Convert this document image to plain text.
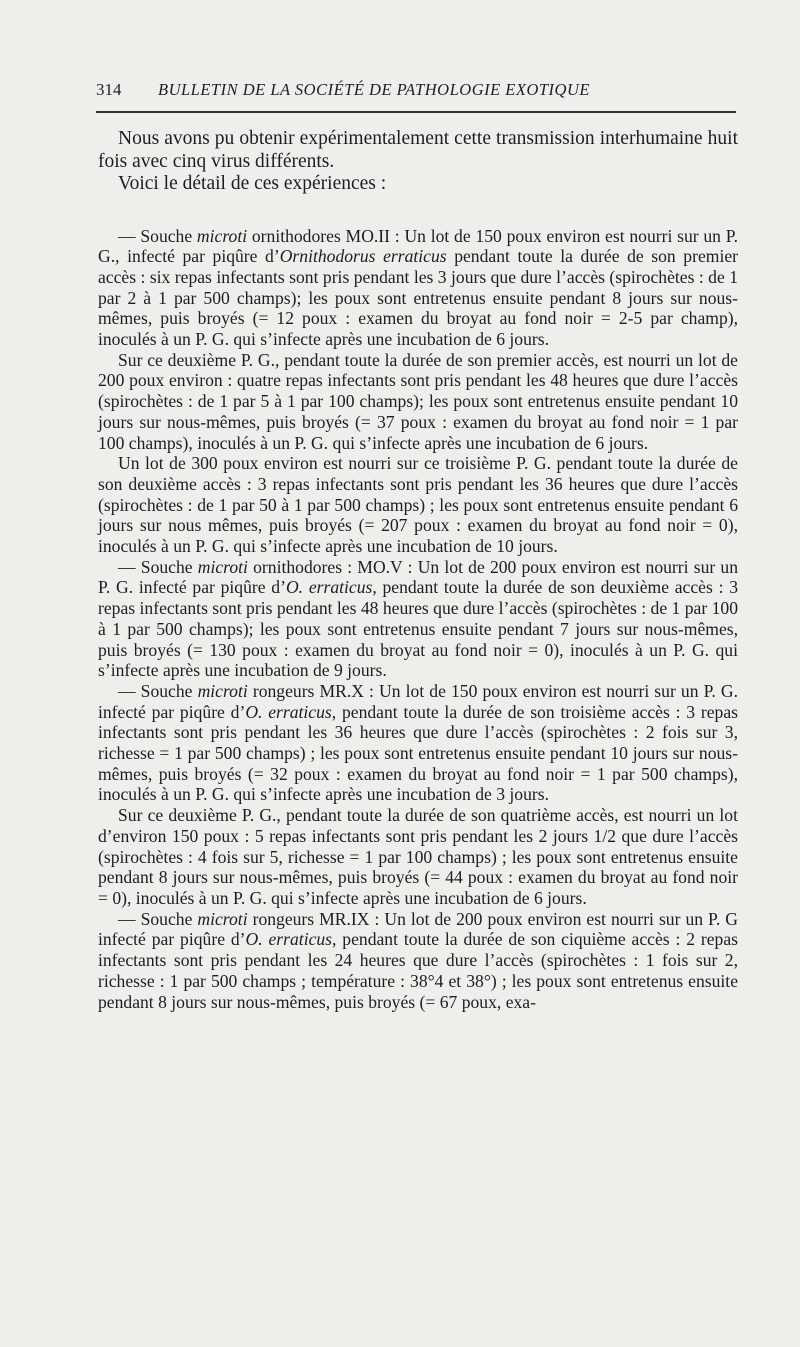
314	BULLETIN DE LA SOCIÉTÉ DE PATHOLOGIE EXOTIQUE

Nous avons pu obtenir expérimentalement cette transmission interhumaine huit fois avec cinq virus différents.

Voici le détail de ces expériences :

— Souche microti ornithodores MO.II : Un lot de 150 poux environ est nourri sur un P. G., infecté par piqûre d’Ornithodorus erraticus pendant toute la durée de son premier accès : six repas infectants sont pris pendant les 3 jours que dure l’accès (spirochètes : de 1 par 2 à 1 par 500 champs); les poux sont entretenus ensuite pendant 8 jours sur nous-mêmes, puis broyés (= 12 poux : examen du broyat au fond noir = 2-5 par champ), inoculés à un P. G. qui s’infecte après une incubation de 6 jours.

Sur ce deuxième P. G., pendant toute la durée de son premier accès, est nourri un lot de 200 poux environ : quatre repas infectants sont pris pendant les 48 heures que dure l’accès (spirochètes : de 1 par 5 à 1 par 100 champs); les poux sont entretenus ensuite pendant 10 jours sur nous-mêmes, puis broyés (= 37 poux : examen du broyat au fond noir = 1 par 100 champs), inoculés à un P. G. qui s’infecte après une incubation de 6 jours.

Un lot de 300 poux environ est nourri sur ce troisième P. G. pendant toute la durée de son deuxième accès : 3 repas infectants sont pris pendant les 36 heures que dure l’accès (spirochètes : de 1 par 50 à 1 par 500 champs) ; les poux sont entretenus ensuite pendant 6 jours sur nous mêmes, puis broyés (= 207 poux : examen du broyat au fond noir = 0), inoculés à un P. G. qui s’infecte après une incubation de 10 jours.

— Souche microti ornithodores : MO.V : Un lot de 200 poux environ est nourri sur un P. G. infecté par piqûre d’O. erraticus, pendant toute la durée de son deuxième accès : 3 repas infectants sont pris pendant les 48 heures que dure l’accès (spirochètes : de 1 par 100 à 1 par 500 champs); les poux sont entretenus ensuite pendant 7 jours sur nous-mêmes, puis broyés (= 130 poux : examen du broyat au fond noir = 0), inoculés à un P. G. qui s’infecte après une incubation de 9 jours.

— Souche microti rongeurs MR.X : Un lot de 150 poux environ est nourri sur un P. G. infecté par piqûre d’O. erraticus, pendant toute la durée de son troisième accès : 3 repas infectants sont pris pendant les 36 heures que dure l’accès (spirochètes : 2 fois sur 3, richesse = 1 par 500 champs) ; les poux sont entretenus ensuite pendant 10 jours sur nous-mêmes, puis broyés (= 32 poux : examen du broyat au fond noir = 1 par 500 champs), inoculés à un P. G. qui s’infecte après une incubation de 3 jours.

Sur ce deuxième P. G., pendant toute la durée de son quatrième accès, est nourri un lot d’environ 150 poux : 5 repas infectants sont pris pendant les 2 jours 1/2 que dure l’accès (spirochètes : 4 fois sur 5, richesse = 1 par 100 champs) ; les poux sont entretenus ensuite pendant 8 jours sur nous-mêmes, puis broyés (= 44 poux : examen du broyat au fond noir = 0), inoculés à un P. G. qui s’infecte après une incubation de 6 jours.

— Souche microti rongeurs MR.IX : Un lot de 200 poux environ est nourri sur un P. G infecté par piqûre d’O. erraticus, pendant toute la durée de son ciquième accès : 2 repas infectants sont pris pendant les 24 heures que dure l’accès (spirochètes : 1 fois sur 2, richesse : 1 par 500 champs ; température : 38°4 et 38°) ; les poux sont entretenus ensuite pendant 8 jours sur nous-mêmes, puis broyés (= 67 poux, exa-
